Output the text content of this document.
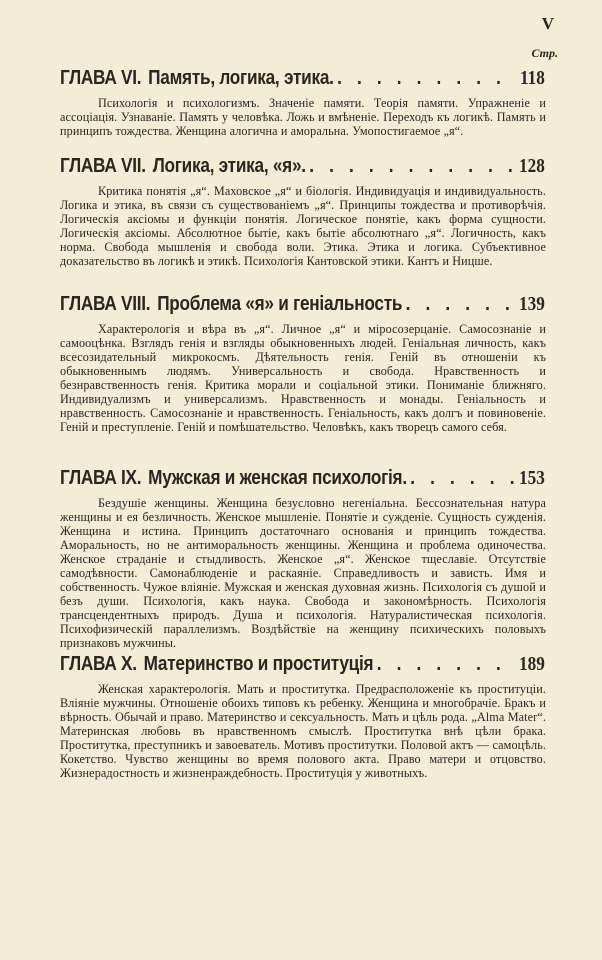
V
Стр.
ГЛАВА VI. Память, логика, этика. . . .	118

Психологія и психологизмъ. Значеніе памяти. Теорія памяти. Упражненіе и ассоціація. Узнаваніе. Память у человѣка. Ложь и вмѣненіе. Переходъ къ логикѣ. Память и принципъ тождества. Женщина алогична и аморальна. Умопостигаемое „я“.

ГЛАВА VII. Логика, этика, «я». . . .	128

Критика понятія „я“. Маховское „я“ и біологія. Индивидуація и индивидуальность. Логика и этика, въ связи съ существованіемъ „я“. Принципы тождества и противорѣчія. Логическія аксіомы и функціи понятія. Логическое понятіе, какъ форма сущности. Логическія аксіомы. Абсолютное бытіе, какъ бытіе абсолютнаго „я“. Логичность, какъ норма. Свобода мышленія и свобода воли. Этика. Этика и логика. Субъективное доказательство въ логикѣ и этикѣ. Психологія Кантовской этики. Кантъ и Ницше.

ГЛАВА VIII. Проблема «я» и геніальность . . .	139

Характерологія и вѣра въ „я“. Личное „я“ и міросозерцаніе. Самосознаніе и самооцѣнка. Взглядъ генія и взгляды обыкновенныхъ людей. Геніальная личность, какъ всесозидательный микрокосмъ. Дѣятельность генія. Геній въ отношеніи къ обыкновеннымъ людямъ. Универсальность и свобода. Нравственность и безнравственность генія. Критика морали и соціальной этики. Пониманіе ближняго. Индивидуализмъ и универсализмъ. Нравственность и монады. Геніальность и нравственность. Самосознаніе и нравственность. Геніальность, какъ долгъ и повиновеніе. Геній и преступленіе. Геній и помѣшательство. Человѣкъ, какъ творецъ самого себя.

ГЛАВА IX. Мужская и женская психологія. . . .	153

Бездушіе женщины. Женщина безусловно негеніальна. Бессознательная натура женщины и ея безличность. Женское мышленіе. Понятіе и сужденіе. Сущность сужденія. Женщина и истина. Принципъ достаточнаго основанія и принципъ тождества. Аморальность, но не антиморальность женщины. Женщина и проблема одиночества. Женское страданіе и стыдливость. Женское „я“. Женское тщеславіе. Отсутствіе самодѣвности. Самонаблюденіе и раскаяніе. Справедливость и зависть. Имя и собственность. Чужое вліяніе. Мужская и женская духовная жизнь. Психологія съ душой и безъ души. Психологія, какъ наука. Свобода и закономѣрность. Психологія трансцендентныхъ природъ. Душа и психологія. Натуралистическая психологія. Психофизическій параллелизмъ. Воздѣйствіе на женщину психическихъ половыхъ признаковъ мужчины.

ГЛАВА X. Материнство и проституція . . .	189

Женская характерологія. Мать и проститутка. Предрасположеніе къ проституціи. Вліяніе мужчины. Отношеніе обоихъ типовъ къ ребенку. Женщина и многобрачіе. Бракъ и вѣрность. Обычай и право. Материнство и сексуальность. Мать и цѣль рода. „Alma Mater“. Материнская любовь въ нравственномъ смыслѣ. Проститутка внѣ цѣли брака. Проститутка, преступникъ и завоеватель. Мотивъ проститутки. Половой актъ — самоцѣль. Кокетство. Чувство женщины во время полового акта. Право матери и отцовство. Жизнерадостность и жизненраждебность. Проституція у животныхъ.
